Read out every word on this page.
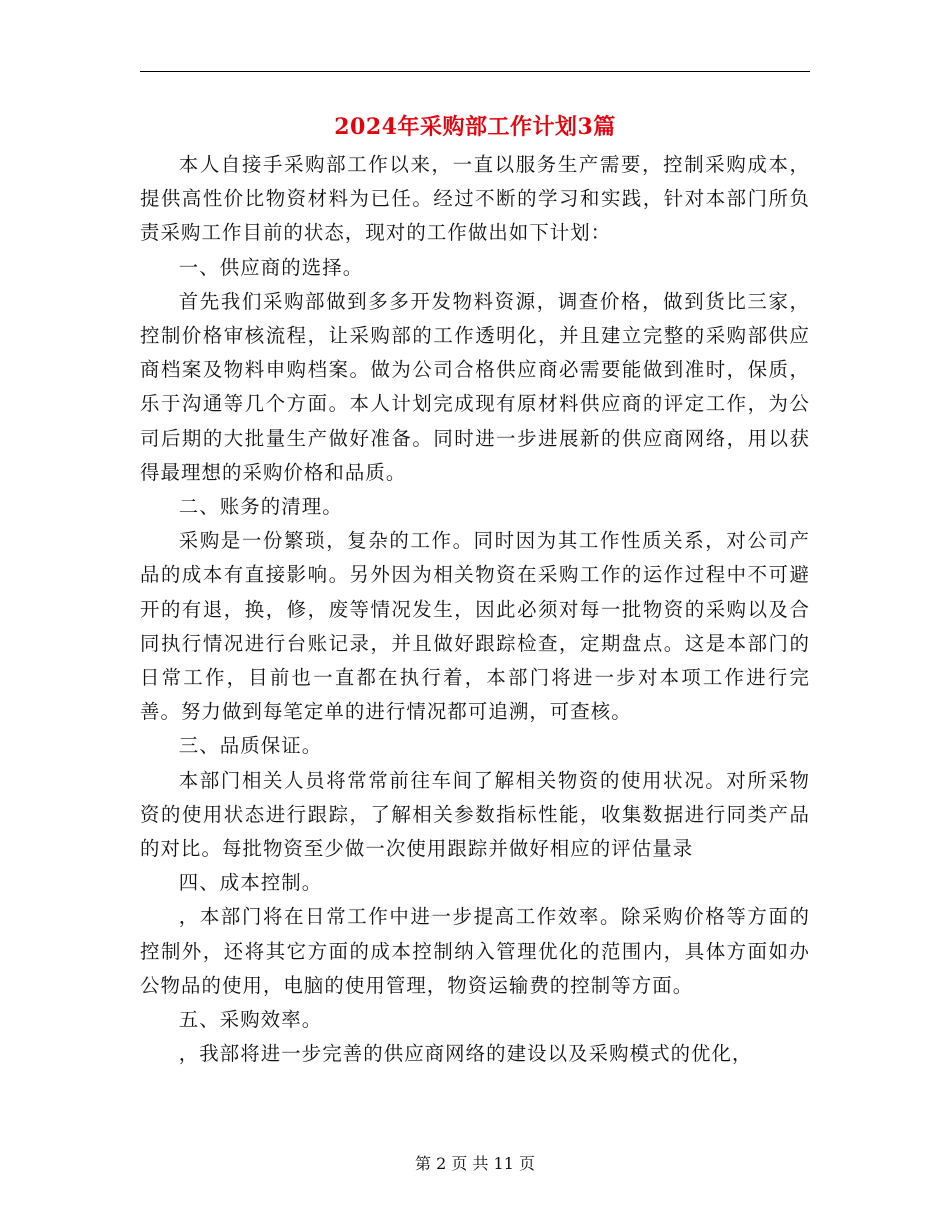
2024年采购部工作计划3篇

本人自接手采购部工作以来，一直以服务生产需要，控制采购成本，提供高性价比物资材料为已任。经过不断的学习和实践，针对本部门所负责采购工作目前的状态，现对的工作做出如下计划：

一、供应商的选择。

首先我们采购部做到多多开发物料资源，调查价格，做到货比三家，控制价格审核流程，让采购部的工作透明化，并且建立完整的采购部供应商档案及物料申购档案。做为公司合格供应商必需要能做到准时，保质，乐于沟通等几个方面。本人计划完成现有原材料供应商的评定工作，为公司后期的大批量生产做好准备。同时进一步进展新的供应商网络，用以获得最理想的采购价格和品质。

二、账务的清理。

采购是一份繁琐，复杂的工作。同时因为其工作性质关系，对公司产品的成本有直接影响。另外因为相关物资在采购工作的运作过程中不可避开的有退，换，修，废等情况发生，因此必须对每一批物资的采购以及合同执行情况进行台账记录，并且做好跟踪检查，定期盘点。这是本部门的日常工作，目前也一直都在执行着，本部门将进一步对本项工作进行完善。努力做到每笔定单的进行情况都可追溯，可查核。

三、品质保证。

本部门相关人员将常常前往车间了解相关物资的使用状况。对所采物资的使用状态进行跟踪，了解相关参数指标性能，收集数据进行同类产品的对比。每批物资至少做一次使用跟踪并做好相应的评估量录

四、成本控制。

，本部门将在日常工作中进一步提高工作效率。除采购价格等方面的控制外，还将其它方面的成本控制纳入管理优化的范围内，具体方面如办公物品的使用，电脑的使用管理，物资运输费的控制等方面。

五、采购效率。

，我部将进一步完善的供应商网络的建设以及采购模式的优化，

第 2 页 共 11 页
